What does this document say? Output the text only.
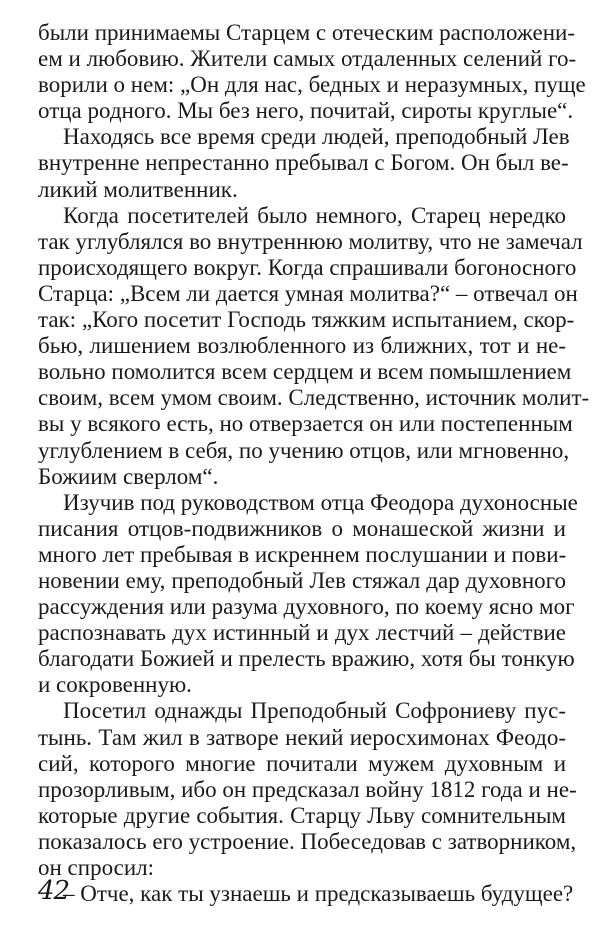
были принимаемы Старцем с отеческим расположени-
ем и любовию. Жители самых отдаленных селений го-
ворили о нем: „Он для нас, бедных и неразумных, пуще
отца родного. Мы без него, почитай, сироты круглые“.
Находясь все время среди людей, преподобный Лев
внутренне непрестанно пребывал с Богом. Он был ве-
ликий молитвенник.
Когда посетителей было немного, Старец нередко
так углублялся во внутреннюю молитву, что не замечал
происходящего вокруг. Когда спрашивали богоносного
Старца: „Всем ли дается умная молитва?“ – отвечал он
так: „Кого посетит Господь тяжким испытанием, скор-
бью, лишением возлюбленного из ближних, тот и не-
вольно помолится всем сердцем и всем помышлением
своим, всем умом своим. Следственно, источник молит-
вы у всякого есть, но отверзается он или постепенным
углублением в себя, по учению отцов, или мгновенно,
Божиим сверлом“.
Изучив под руководством отца Феодора духоносные
писания отцов-подвижников о монашеской жизни и
много лет пребывая в искреннем послушании и пови-
новении ему, преподобный Лев стяжал дар духовного
рассуждения или разума духовного, по коему ясно мог
распознавать дух истинный и дух лестчий – действие
благодати Божией и прелесть вражию, хотя бы тонкую
и сокровенную.
Посетил однажды Преподобный Софрониеву пус-
тынь. Там жил в затворе некий иеросхимонах Феодо-
сий, которого многие почитали мужем духовным и
прозорливым, ибо он предсказал войну 1812 года и не-
которые другие события. Старцу Льву сомнительным
показалось его устроение. Побеседовав с затворником,
он спросил:
– Отче, как ты узнаешь и предсказываешь будущее?
42
